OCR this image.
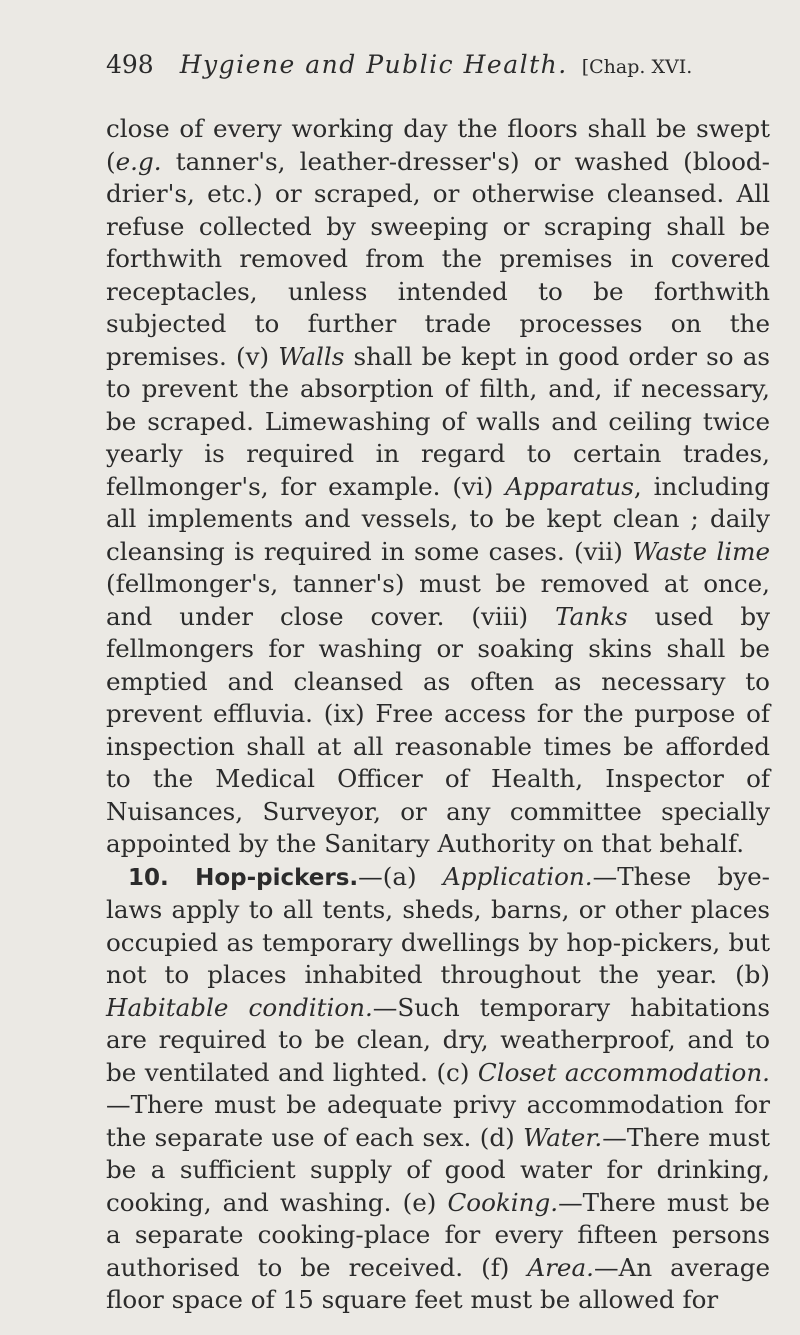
498 Hygiene and Public Health. [Chap. XVI.

close of every working day the floors shall be swept (e.g. tanner's, leather-dresser's) or washed (blood-drier's, etc.) or scraped, or otherwise cleansed. All refuse collected by sweeping or scraping shall be forthwith removed from the premises in covered receptacles, unless intended to be forthwith subjected to further trade processes on the premises. (v) Walls shall be kept in good order so as to prevent the absorption of filth, and, if necessary, be scraped. Limewashing of walls and ceiling twice yearly is required in regard to certain trades, fellmonger's, for example. (vi) Apparatus, including all implements and vessels, to be kept clean ; daily cleansing is required in some cases. (vii) Waste lime (fellmonger's, tanner's) must be removed at once, and under close cover. (viii) Tanks used by fellmongers for washing or soaking skins shall be emptied and cleansed as often as necessary to prevent effluvia. (ix) Free access for the purpose of inspection shall at all reasonable times be afforded to the Medical Officer of Health, Inspector of Nuisances, Surveyor, or any committee specially appointed by the Sanitary Authority on that behalf.

10. Hop-pickers.—(a) Application.—These bye-laws apply to all tents, sheds, barns, or other places occupied as temporary dwellings by hop-pickers, but not to places inhabited throughout the year. (b) Habitable condition.—Such temporary habitations are required to be clean, dry, weatherproof, and to be ventilated and lighted. (c) Closet accommodation.—There must be adequate privy accommodation for the separate use of each sex. (d) Water.—There must be a sufficient supply of good water for drinking, cooking, and washing. (e) Cooking.—There must be a separate cooking-place for every fifteen persons authorised to be received. (f) Area.—An average floor space of 15 square feet must be allowed for
